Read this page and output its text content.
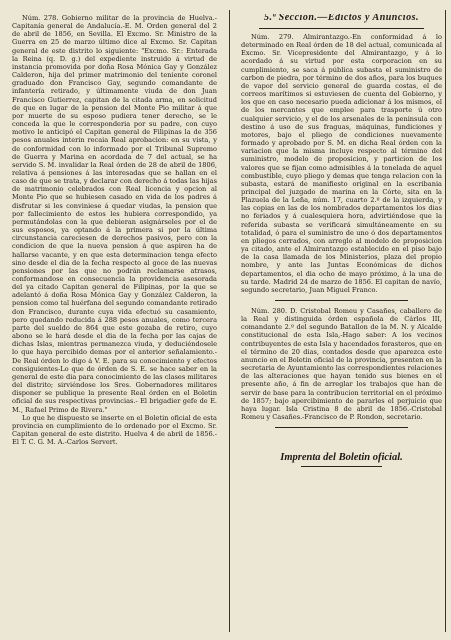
Núm. 278. Gobierno militar de la provincia de Huelva.-Capitanía general de Andalucía.-E. M. Orden general del 2 de abril de 1856, en Sevilla. El Excmo. Sr. Ministro de la Guerra en 25 de marzo último dice al Excmo. Sr. Capitan general de este distrito lo siguiente: "Excmo. Sr.: Enterada la Reina (q. D. g.) del expediente instruido á virtud de instancia promovida por doña Rosa Mónica Gay y González Calderon, hija del primer matrimonio del teniente coronel graduado don Francisco Gay, segundo comandante de infantería retirado, y últimamente viuda de don Juan Francisco Gutierrez, capitan de la citada arma, en solicitud de que en lugar de la pension del Monte Pio militar á que por muerte de su esposo pudiera tener derecho, se le conceda la que le corresponderia por su padre, con cuyo motivo le anticipó el Capitan general de Filipinas la de 356 pesos anuales interin recaia Real aprobacion: en su vista, y de conformidad con lo informado por el Tribunal Supremo de Guerra y Marina en acordada de 7 del actual, se ha servido S. M. invalidar la Real órden de 28 de abril de 1806, relativa á pensiones á las interesadas que se hallan en el caso de que se trata, y declarar con derecho á todas las hijas de matrimonio celebrados con Real licencia y opcion al Monte Pio que se hubiesen casado en vida de los padres á disfrutar si les conviniese á quedar viudas, la pension que por fallecimiento de estos les hubiera correspondido, ya permutándolas con la que debieran asignárseles por el de sus esposos, ya optando á la primera si por la última circunstancia careciesen de derechos pasivos, pero con la condicion de que la nueva pension á que aspiren ha de hallarse vacante, y en que esta determinacion tenga efecto sino desde el dia de la fecha respecto al goce de las nuevas pensiones por las que no podrán reclamarse atrasos, conformandose en consecuencia la providencia asesorada del ya citado Capitan general de Filipinas, por la que se adelantó á doña Rosa Mónica Gay y González Calderon, la pension como tal huérfana del segundo comandante retirado don Francisco, durante cuya vida efectuó su casamiento, pero quedando reducida á 288 pesos anuales, como tercera parte del sueldo de 864 que este gozaba de retiro, cuyo abono se le hará desde el dia de la fecha por las cajas de dichas Islas, mientras permanezca viuda, y deduciéndosele lo que haya percibido demas por el anterior señalamiento.- De Real órden lo digo á V. E. para su conocimiento y efectos consiguientes-Lo que de órden de S. E. se hace saber en la general de este dia para conocimiento de las clases militares del distrito; sirviéndose los Sres. Gobernadores militares disponer se publique la presente Real órden en el Boletin oficial de sus respectivas provincias.- El brigadier gefe de E. M., Rafael Primo de Rivera."

Lo que he dispuesto se inserte en el Boletin oficial de esta provincia en cumplimiento de lo ordenado por el Excmo. Sr. Capitan general de este distrito. Huelva 4 de abril de 1856.-El T. C. G. M. A.-Carlos Servert.

5.ª Seccion.—Edictos y Anuncios.

Núm. 279. Almirantazgo.-En conformidad á lo determinado en Real órden de 18 del actual, comunicada al Excmo. Sr. Vicepresidente del Almirantazgo, y á lo acordado á su virtud por esta corporacion en su cumplimiento, se saca á pública subasta el suministro de carbon de piedra, por término de dos años, para los buques de vapor del servicio general de guarda costas, el de correos marítimos si estuviesen de cuenta del Gobierno, y los que en caso necesario pueda adicionar á los mismos, el de los mercantes que emplee para trasporte ú otro cualquier servicio, y el de los arsenales de la peninsula con destino á uso de sus fraguas, máquinas, fundiciones y motores, bajo el pliego de condiciones nuevamente formado y aprobado por S. M. en dicha Real órden con la variacion que la misma incluye respecto al término del suministro, modelo de proposicion, y particion de los valores que se fijan como admisibles á la tonelada de aquel combustible, cuyo pliego y demas que tenga relacion con la subasta, estará de manifiesto original en la escribania principal del juzgado de marina en la Córte, sita en la Plazuela de la Leña, núm. 17, cuarto 2.º de la izquierda, y las copias en las de los nombrados departamentos los dias no feriados y á cualesquiera hora, advirtiéndose que la referida subasta se verificará simultáneamente en su totalidad, ó para el suministro de uno ó dos departamentos en pliegos cerrados, con arreglo al modelo de proposicion ya citado, ante el Almirantazgo establecido en el piso bajo de la casa llamada de los Ministerios, plaza del propio nombre, y ante las Juntas Económicas de dichos departamentos, el dia ocho de mayo próximo, á la una de su tarde. Madrid 24 de marzo de 1856. El capitan de navío, segundo secretario, Juan Miguel Franco.

Núm. 280. D. Cristobal Romeu y Casañes, caballero de la Real y distinguida órden española de Cárlos III, comandante 2.º del segundo Batallon de la M. N. y Alcalde constitucional de esta Isla,-Hago saber: A los vecinos contribuyentes de esta Isla y hacendados forasteros, que en el término de 20 dias, contados desde que aparezca este anuncio en el Boletin oficial de la provincia, presenten en la secretaria de Ayuntamiento las correspondientes relaciones de las alteraciones que hayan tenido sus bienes en el presente año, á fin de arreglar los trabajos que han de servir de base para la contribucion territorial en el próximo de 1857; bajo apercibimiento de pararles el perjuicio que haya lugar. Isla Cristina 8 de abril de 1856.-Cristobal Romeu y Casañes.-Francisco de P. Rondon, secretario.

Imprenta del Boletin oficial.
